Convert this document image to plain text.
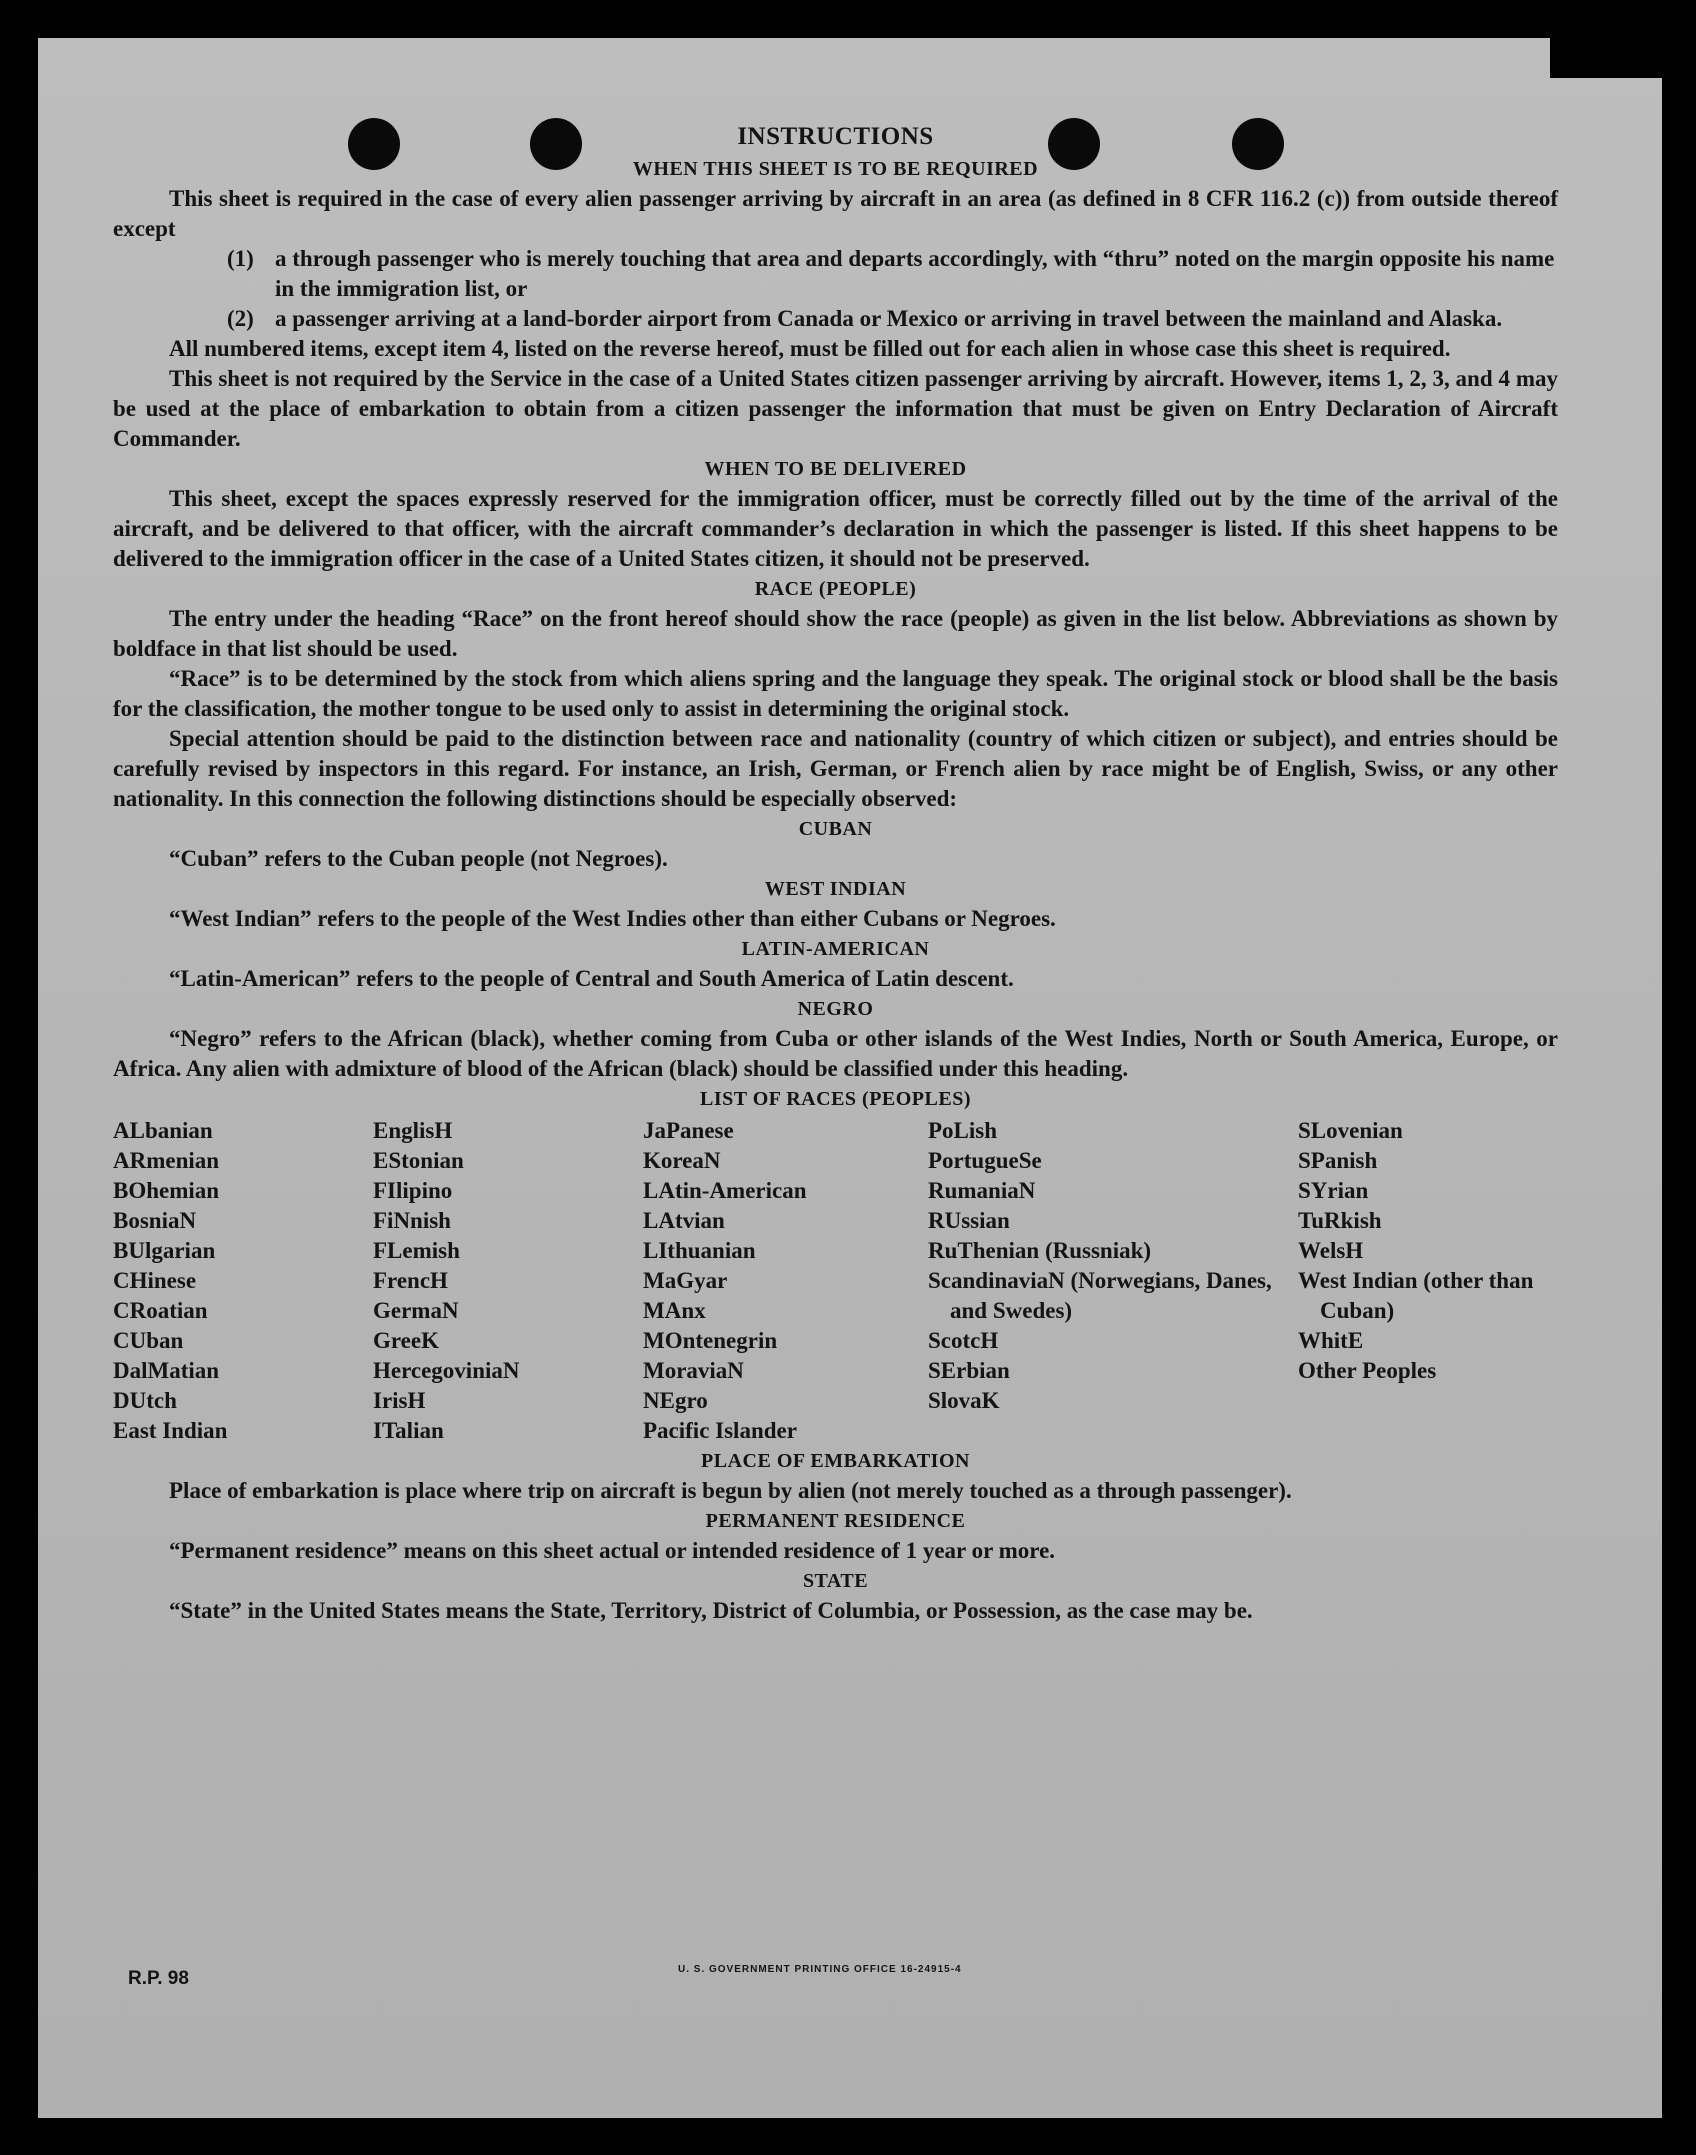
INSTRUCTIONS
WHEN THIS SHEET IS TO BE REQUIRED

This sheet is required in the case of every alien passenger arriving by aircraft in an area (as defined in 8 CFR 116.2 (c)) from outside thereof except

(1) a through passenger who is merely touching that area and departs accordingly, with “thru” noted on the margin opposite his name in the immigration list, or
(2) a passenger arriving at a land-border airport from Canada or Mexico or arriving in travel between the mainland and Alaska.

All numbered items, except item 4, listed on the reverse hereof, must be filled out for each alien in whose case this sheet is required.

This sheet is not required by the Service in the case of a United States citizen passenger arriving by aircraft. However, items 1, 2, 3, and 4 may be used at the place of embarkation to obtain from a citizen passenger the information that must be given on Entry Declaration of Aircraft Commander.

WHEN TO BE DELIVERED

This sheet, except the spaces expressly reserved for the immigration officer, must be correctly filled out by the time of the arrival of the aircraft, and be delivered to that officer, with the aircraft commander’s declaration in which the passenger is listed. If this sheet happens to be delivered to the immigration officer in the case of a United States citizen, it should not be preserved.

RACE (PEOPLE)

The entry under the heading “Race” on the front hereof should show the race (people) as given in the list below. Abbreviations as shown by boldface in that list should be used.

“Race” is to be determined by the stock from which aliens spring and the language they speak. The original stock or blood shall be the basis for the classification, the mother tongue to be used only to assist in determining the original stock.

Special attention should be paid to the distinction between race and nationality (country of which citizen or subject), and entries should be carefully revised by inspectors in this regard. For instance, an Irish, German, or French alien by race might be of English, Swiss, or any other nationality. In this connection the following distinctions should be especially observed:

CUBAN

“Cuban” refers to the Cuban people (not Negroes).

WEST INDIAN

“West Indian” refers to the people of the West Indies other than either Cubans or Negroes.

LATIN-AMERICAN

“Latin-American” refers to the people of Central and South America of Latin descent.

NEGRO

“Negro” refers to the African (black), whether coming from Cuba or other islands of the West Indies, North or South America, Europe, or Africa. Any alien with admixture of blood of the African (black) should be classified under this heading.

LIST OF RACES (PEOPLES)
ALbanian
ARmenian
BOhemian
BosniaN
BUlgarian
CHinese
CRoatian
CUban
DalMatian
DUtch
East Indian
EnglisH
EStonian
FIlipino
FiNnish
FLemish
FrencH
GermaN
GreeK
HercegoviniaN
IrisH
ITalian
JaPanese
KoreaN
LAtin-American
LAtvian
LIthuanian
MaGyar
MAnx
MOntenegrin
MoraviaN
NEgro
Pacific Islander
PoLish
PortugueSe
RumaniaN
RUssian
RuThenian (Russniak)
ScandinaviaN (Norwegians, Danes, and Swedes)
ScotcH
SErbian
SlovaK
SLovenian
SPanish
SYrian
TuRkish
WelsH
West Indian (other than Cuban)
WhitE
Other Peoples
PLACE OF EMBARKATION

Place of embarkation is place where trip on aircraft is begun by alien (not merely touched as a through passenger).

PERMANENT RESIDENCE

“Permanent residence” means on this sheet actual or intended residence of 1 year or more.

STATE

“State” in the United States means the State, Territory, District of Columbia, or Possession, as the case may be.

R.P. 98	U. S. GOVERNMENT PRINTING OFFICE 16-24915-4
